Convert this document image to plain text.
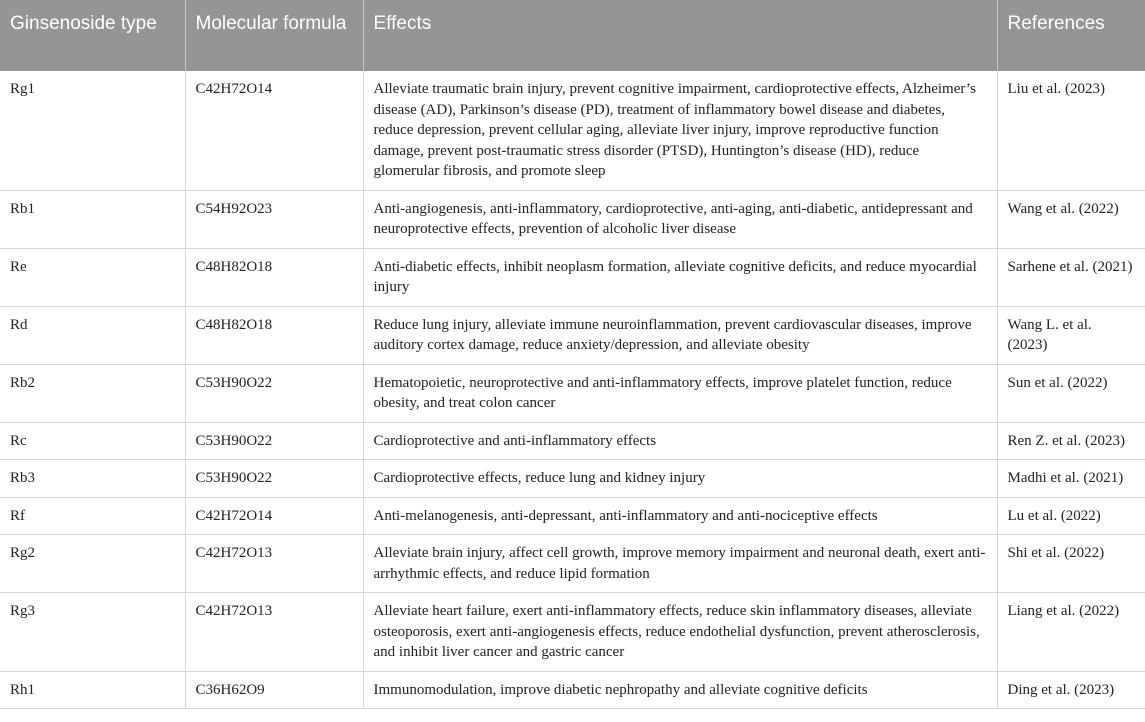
Ginsenoside type	Molecular formula	Effects	References
Rg1	C42H72O14	Alleviate traumatic brain injury, prevent cognitive impairment, cardioprotective effects, Alzheimer’s disease (AD), Parkinson’s disease (PD), treatment of inflammatory bowel disease and diabetes, reduce depression, prevent cellular aging, alleviate liver injury, improve reproductive function damage, prevent post-traumatic stress disorder (PTSD), Huntington’s disease (HD), reduce glomerular fibrosis, and promote sleep	Liu et al. (2023)
Rb1	C54H92O23	Anti-angiogenesis, anti-inflammatory, cardioprotective, anti-aging, anti-diabetic, antidepressant and neuroprotective effects, prevention of alcoholic liver disease	Wang et al. (2022)
Re	C48H82O18	Anti-diabetic effects, inhibit neoplasm formation, alleviate cognitive deficits, and reduce myocardial injury	Sarhene et al. (2021)
Rd	C48H82O18	Reduce lung injury, alleviate immune neuroinflammation, prevent cardiovascular diseases, improve auditory cortex damage, reduce anxiety/depression, and alleviate obesity	Wang L. et al. (2023)
Rb2	C53H90O22	Hematopoietic, neuroprotective and anti-inflammatory effects, improve platelet function, reduce obesity, and treat colon cancer	Sun et al. (2022)
Rc	C53H90O22	Cardioprotective and anti-inflammatory effects	Ren Z. et al. (2023)
Rb3	C53H90O22	Cardioprotective effects, reduce lung and kidney injury	Madhi et al. (2021)
Rf	C42H72O14	Anti-melanogenesis, anti-depressant, anti-inflammatory and anti-nociceptive effects	Lu et al. (2022)
Rg2	C42H72O13	Alleviate brain injury, affect cell growth, improve memory impairment and neuronal death, exert anti-arrhythmic effects, and reduce lipid formation	Shi et al. (2022)
Rg3	C42H72O13	Alleviate heart failure, exert anti-inflammatory effects, reduce skin inflammatory diseases, alleviate osteoporosis, exert anti-angiogenesis effects, reduce endothelial dysfunction, prevent atherosclerosis, and inhibit liver cancer and gastric cancer	Liang et al. (2022)
Rh1	C36H62O9	Immunomodulation, improve diabetic nephropathy and alleviate cognitive deficits	Ding et al. (2023)
